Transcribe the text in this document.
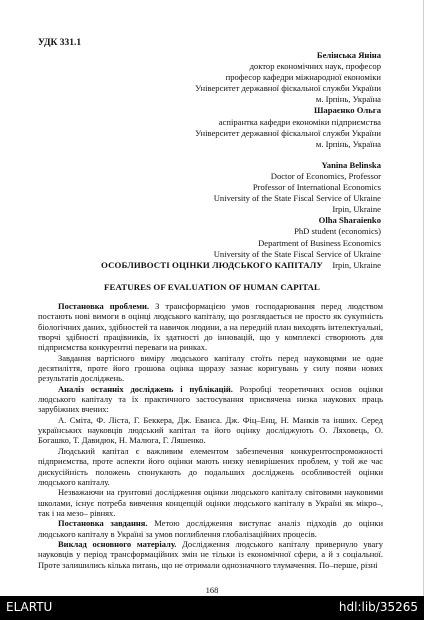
УДК 331.1
Белінська Яніна
доктор економічних наук, професор
професор кафедри міжнародної економіки
Університет державної фіскальної служби України
м. Ірпінь, Україна
Шараєнко Ольга
аспірантка кафедри економіки підприємства
Університет державної фіскальної служби України
м. Ірпінь, Україна
Yanina Belinska
Doctor of Economics, Professor
Professor of International Economics
University of the State Fiscal Service of Ukraine
Irpin, Ukraine
Olha Sharaienko
PhD student (economics)
Department of Business Economics
University of the State Fiscal Service of Ukraine
Irpin, Ukraine
ОСОБЛИВОСТІ ОЦІНКИ ЛЮДСЬКОГО КАПІТАЛУ
FEATURES OF EVALUATION OF HUMAN CAPITAL

Постановка проблеми. З трансформацією умов господарювання перед людством постають нові вимоги в оцінці людського капіталу, що розглядається не просто як сукупність біологічних даних, здібностей та навичок людини, а на передній план виходять інтелектуальні, творчі здібності працівників, їх здатності до інновацій, що у комплексі створюють для підприємства конкурентні переваги на ринках.

Завдання вартісного виміру людського капіталу стоїть перед науковцями не одне десятиліття, проте його грошова оцінка щоразу зазнає коригувань у силу появи нових результатів досліджень.

Аналіз останніх досліджень і публікацій. Розробці теоретичних основ оцінки людського капіталу та їх практичного застосування присвячена низка наукових праць зарубіжних вчених:

А. Сміта, Ф. Ліста, Г. Беккера, Дж. Еванса. Дж. Фіц–Енц, Н. Манків та інших. Серед українських науковців людський капітал та його оцінку досліджують О. Ляховець, О. Богашко, Т. Давидюк, Н. Малюга, Г. Ляшенко.

Людський капітал є важливим елементом забезпечення конкурентоспроможності підприємства, проте аспекти його оцінки мають низку невирішених проблем, у той же час дискусійність положень спонукають до подальших досліджень особливостей оцінки людського капіталу.

Незважаючи на ґрунтовні дослідження оцінки людського капіталу світовими науковими школами, існує потреба вивчення концепцій оцінки людського капіталу в Україні як мікро–, так і на мезо– рівнях.

Постановка завдання. Метою дослідження виступає аналіз підходів до оцінки людського капіталу в Україні за умов поглиблення глобалізаційних процесів.

Виклад основного матеріалу. Дослідження людського капіталу привернуло увагу науковців у період трансформаційних змін не тільки із економічної сфери, а й з соціальної. Проте залишились кілька питань, що не отримали однозначного тлумачення. По–перше, різні

168
ELARTU	hdl:lib/35265
